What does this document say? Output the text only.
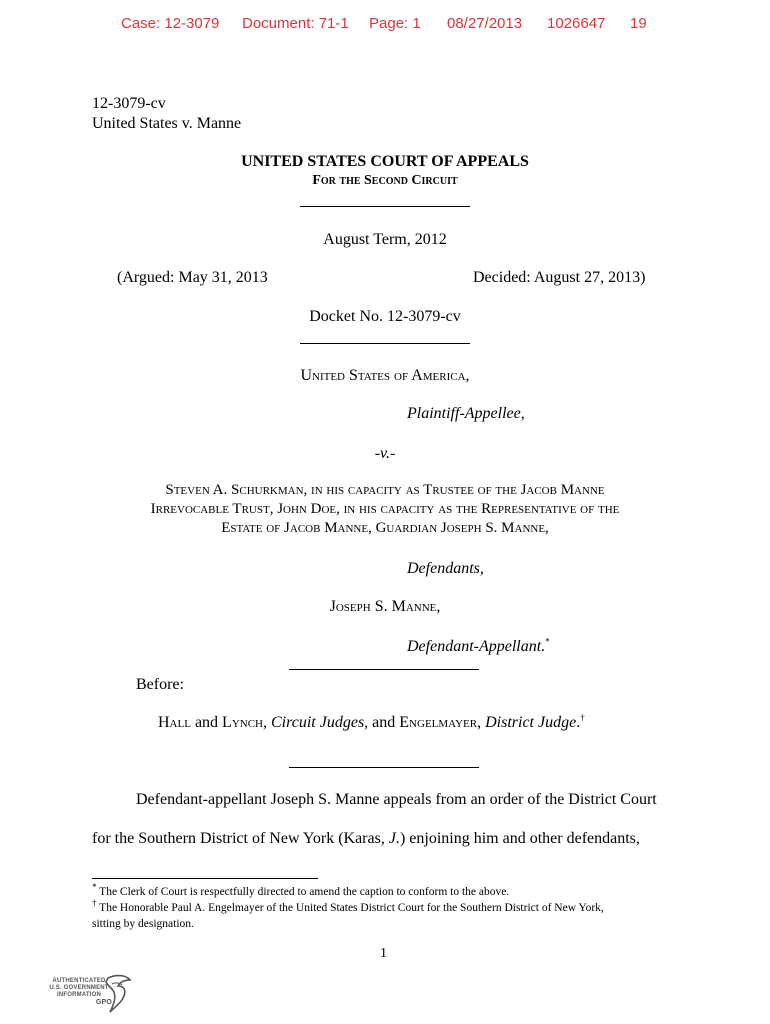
Case: 12-3079 Document: 71-1 Page: 1 08/27/2013 1026647 19
12-3079-cv
United States v. Manne
UNITED STATES COURT OF APPEALS
For the Second Circuit
August Term, 2012
(Argued: May 31, 2013	Decided: August 27, 2013)
Docket No. 12-3079-cv
United States of America,
Plaintiff-Appellee,
-v.-
Steven A. Schurkman, in his capacity as Trustee of the Jacob Manne
Irrevocable Trust, John Doe, in his capacity as the Representative of the
Estate of Jacob Manne, Guardian Joseph S. Manne,
Defendants,
Joseph S. Manne,
Defendant-Appellant.*
Before:
Hall and Lynch, Circuit Judges, and Engelmayer, District Judge.†
Defendant-appellant Joseph S. Manne appeals from an order of the District Court
for the Southern District of New York (Karas, J.) enjoining him and other defendants,
* The Clerk of Court is respectfully directed to amend the caption to conform to the above.
† The Honorable Paul A. Engelmayer of the United States District Court for the Southern District of New York,
sitting by designation.
1
AUTHENTICATED
U.S. GOVERNMENT
INFORMATION
GPO
